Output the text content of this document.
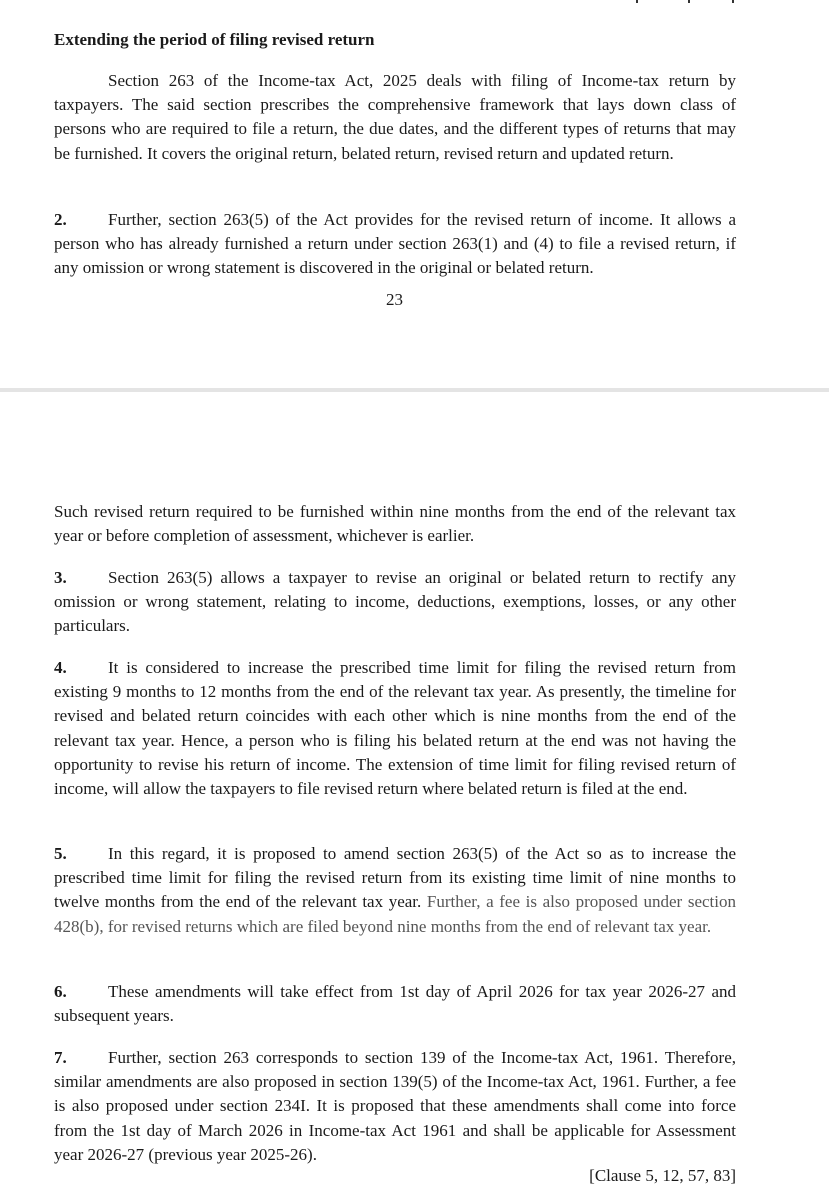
Extending the period of filing revised return

Section 263 of the Income-tax Act, 2025 deals with filing of Income-tax return by taxpayers. The said section prescribes the comprehensive framework that lays down class of persons who are required to file a return, the due dates, and the different types of returns that may be furnished. It covers the original return, belated return, revised return and updated return.

2. Further, section 263(5) of the Act provides for the revised return of income. It allows a person who has already furnished a return under section 263(1) and (4) to file a revised return, if any omission or wrong statement is discovered in the original or belated return.

23

Such revised return required to be furnished within nine months from the end of the relevant tax year or before completion of assessment, whichever is earlier.

3. Section 263(5) allows a taxpayer to revise an original or belated return to rectify any omission or wrong statement, relating to income, deductions, exemptions, losses, or any other particulars.

4. It is considered to increase the prescribed time limit for filing the revised return from existing 9 months to 12 months from the end of the relevant tax year. As presently, the timeline for revised and belated return coincides with each other which is nine months from the end of the relevant tax year. Hence, a person who is filing his belated return at the end was not having the opportunity to revise his return of income. The extension of time limit for filing revised return of income, will allow the taxpayers to file revised return where belated return is filed at the end.

5. In this regard, it is proposed to amend section 263(5) of the Act so as to increase the prescribed time limit for filing the revised return from its existing time limit of nine months to twelve months from the end of the relevant tax year. Further, a fee is also proposed under section 428(b), for revised returns which are filed beyond nine months from the end of relevant tax year.

6. These amendments will take effect from 1st day of April 2026 for tax year 2026-27 and subsequent years.

7. Further, section 263 corresponds to section 139 of the Income-tax Act, 1961. Therefore, similar amendments are also proposed in section 139(5) of the Income-tax Act, 1961. Further, a fee is also proposed under section 234I. It is proposed that these amendments shall come into force from the 1st day of March 2026 in Income-tax Act 1961 and shall be applicable for Assessment year 2026-27 (previous year 2025-26).

[Clause 5, 12, 57, 83]
